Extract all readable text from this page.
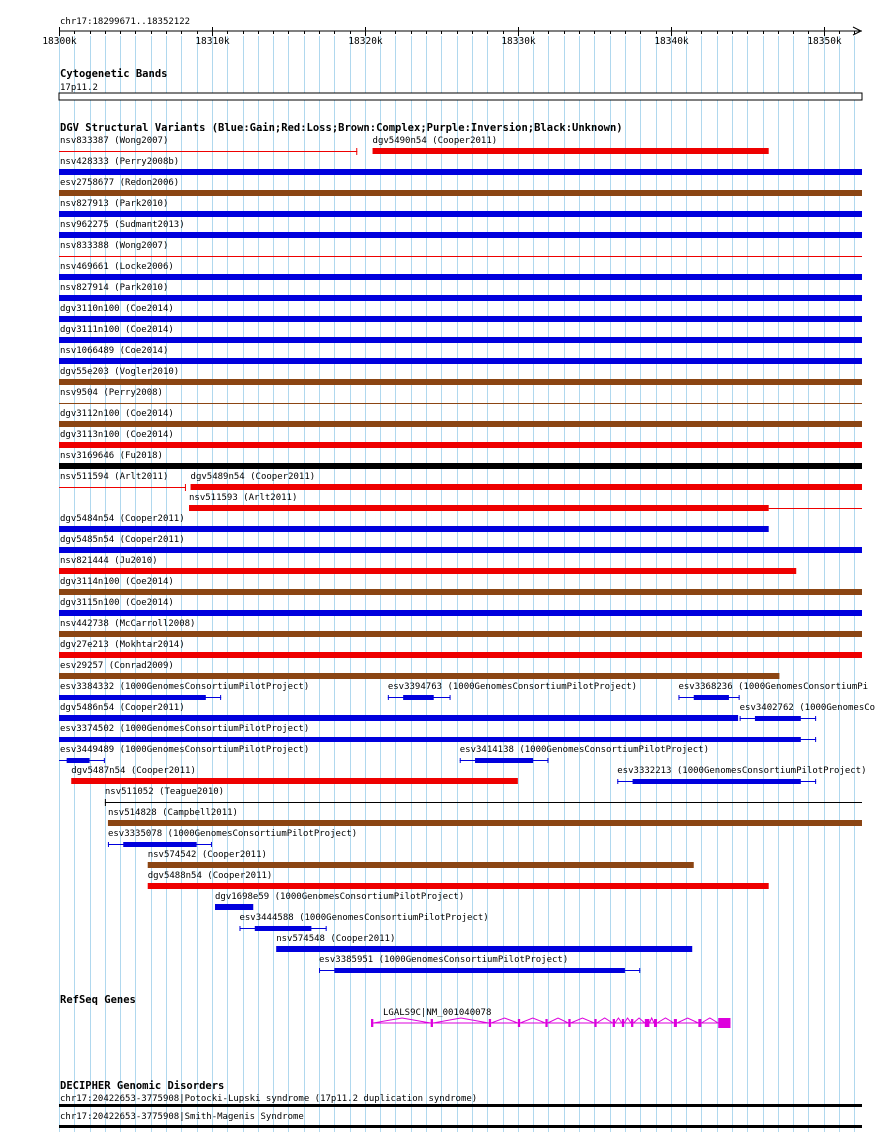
chr17:18299671..18352122
18300k	18310k	18320k	18330k	18340k	18350k
Cytogenetic Bands
17p11.2
DGV Structural Variants (Blue:Gain;Red:Loss;Brown:Complex;Purple:Inversion;Black:Unknown)
nsv833387 (Wong2007)	dgv5490n54 (Cooper2011)
nsv428333 (Perry2008b)
esv2758677 (Redon2006)
nsv827913 (Park2010)
nsv962275 (Sudmant2013)
nsv833388 (Wong2007)
nsv469661 (Locke2006)
nsv827914 (Park2010)
dgv3110n100 (Coe2014)
dgv3111n100 (Coe2014)
nsv1066489 (Coe2014)
dgv55e203 (Vogler2010)
nsv9504 (Perry2008)
dgv3112n100 (Coe2014)
dgv3113n100 (Coe2014)
nsv3169646 (Fu2018)
nsv511594 (Arlt2011) dgv5489n54 (Cooper2011)
nsv511593 (Arlt2011)
dgv5484n54 (Cooper2011)
dgv5485n54 (Cooper2011)
nsv821444 (Ju2010)
dgv3114n100 (Coe2014)
dgv3115n100 (Coe2014)
nsv442738 (McCarroll2008)
dgv27e213 (Mokhtar2014)
esv29257 (Conrad2009)
esv3384332 (1000GenomesConsortiumPilotProject)	esv3394763 (1000GenomesConsortiumPilotProject)	esv3368236 (1000GenomesConsortiumPi
dgv5486n54 (Cooper2011)	esv3402762 (1000GenomesCo
esv3374502 (1000GenomesConsortiumPilotProject)
esv3449489 (1000GenomesConsortiumPilotProject)	esv3414138 (1000GenomesConsortiumPilotProject)
dgv5487n54 (Cooper2011)	esv3332213 (1000GenomesConsortiumPilotProject)
nsv511052 (Teague2010)
nsv514828 (Campbell2011)
esv3335078 (1000GenomesConsortiumPilotProject)
nsv574542 (Cooper2011)
dgv5488n54 (Cooper2011)
dgv1698e59 (1000GenomesConsortiumPilotProject)
esv3444588 (1000GenomesConsortiumPilotProject)
nsv574548 (Cooper2011)
esv3385951 (1000GenomesConsortiumPilotProject)
RefSeq Genes
LGALS9C|NM_001040078
DECIPHER Genomic Disorders
chr17:20422653-3775908|Potocki-Lupski syndrome (17p11.2 duplication syndrome)
chr17:20422653-3775908|Smith-Magenis Syndrome
